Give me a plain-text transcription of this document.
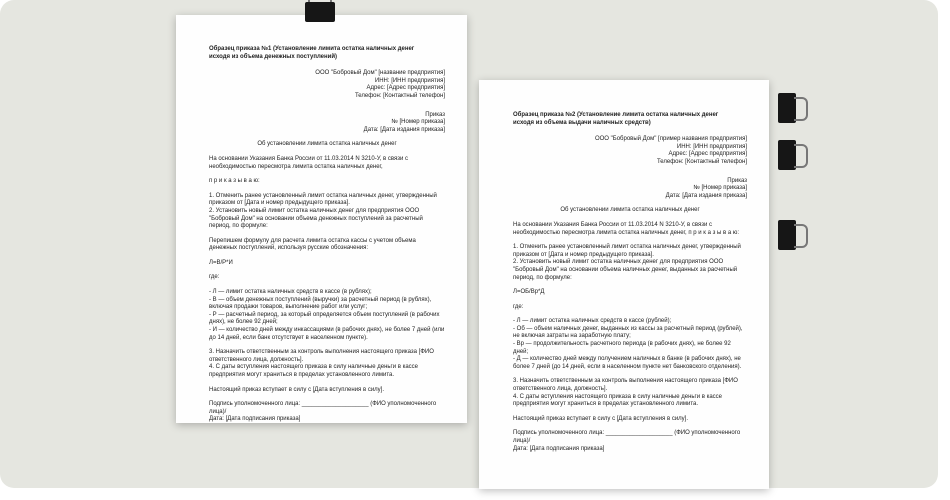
Образец приказа №1 (Установление лимита остатка наличных денег исходя из объема денежных поступлений)

ООО "Бобровый Дом" [название предприятия]

ИНН: [ИНН предприятия]

Адрес: [Адрес предприятия]

Телефон: [Контактный телефон]

Приказ

№ [Номер приказа]

Дата: [Дата издания приказа]

Об установлении лимита остатка наличных денег

На основании Указания Банка России от 11.03.2014 N 3210-У, в связи с необходимостью пересмотра лимита остатка наличных денег,

п р и к а з ы в а ю:

1. Отменить ранее установленный лимит остатка наличных денег, утвержденный приказом от [Дата и номер предыдущего приказа].

2. Установить новый лимит остатка наличных денег для предприятия ООО "Бобровый Дом" на основании объема денежных поступлений за расчетный период, по формуле:

Перепишем формулу для расчета лимита остатка кассы с учетом объема денежных поступлений, используя русские обозначения:

Л=В/Р*И

где:

- Л — лимит остатка наличных средств в кассе (в рублях);

- В — объем денежных поступлений (выручки) за расчетный период (в рублях), включая продажи товаров, выполнение работ или услуг;

- Р — расчетный период, за который определяется объем поступлений (в рабочих днях), не более 92 дней;

- И — количество дней между инкассациями (в рабочих днях), не более 7 дней (или до 14 дней, если банк отсутствует в населенном пункте).

3. Назначить ответственным за контроль выполнения настоящего приказа [ФИО ответственного лица, должность].

4. С даты вступления настоящего приказа в силу наличные деньги в кассе предприятия могут храниться в пределах установленного лимита.

Настоящий приказ вступает в силу с [Дата вступления в силу].

Подпись уполномоченного лица: ____________________ (ФИО уполномоченного лица)/

Дата: [Дата подписания приказа]

Образец приказа №2 (Установление лимита остатка наличных денег исходя из объема выдачи наличных средств)

ООО "Бобровый Дом" [пример названия предприятия]

ИНН: [ИНН предприятия]

Адрес: [Адрес предприятия]

Телефон: [Контактный телефон]

Приказ

№ [Номер приказа]

Дата: [Дата издания приказа]

Об установлении лимита остатка наличных денег

На основании Указания Банка России от 11.03.2014 N 3210-У, в связи с необходимостью пересмотра лимита остатка наличных денег, п р и к а з ы в а ю:

1. Отменить ранее установленный лимит остатка наличных денег, утвержденный приказом от [Дата и номер предыдущего приказа].

2. Установить новый лимит остатка наличных денег для предприятия ООО "Бобровый Дом" на основании объема наличных денег, выданных за расчетный период, по формуле:

Л=ОБ/Вр*Д

где:

- Л — лимит остатка наличных средств в кассе (рублей);

- Об — объем наличных денег, выданных из кассы за расчетный период (рублей), не включая затраты на заработную плату;

- Вр — продолжительность расчетного периода (в рабочих днях), не более 92 дней;

- Д — количество дней между получением наличных в банке (в рабочих днях), не более 7 дней (до 14 дней, если в населенном пункте нет банковского отделения).

3. Назначить ответственным за контроль выполнения настоящего приказа [ФИО ответственного лица, должность].

4. С даты вступления настоящего приказа в силу наличные деньги в кассе предприятия могут храниться в пределах установленного лимита.

Настоящий приказ вступает в силу с [Дата вступления в силу].

Подпись уполномоченного лица: ____________________ (ФИО уполномоченного лица)/

Дата: [Дата подписания приказа]
